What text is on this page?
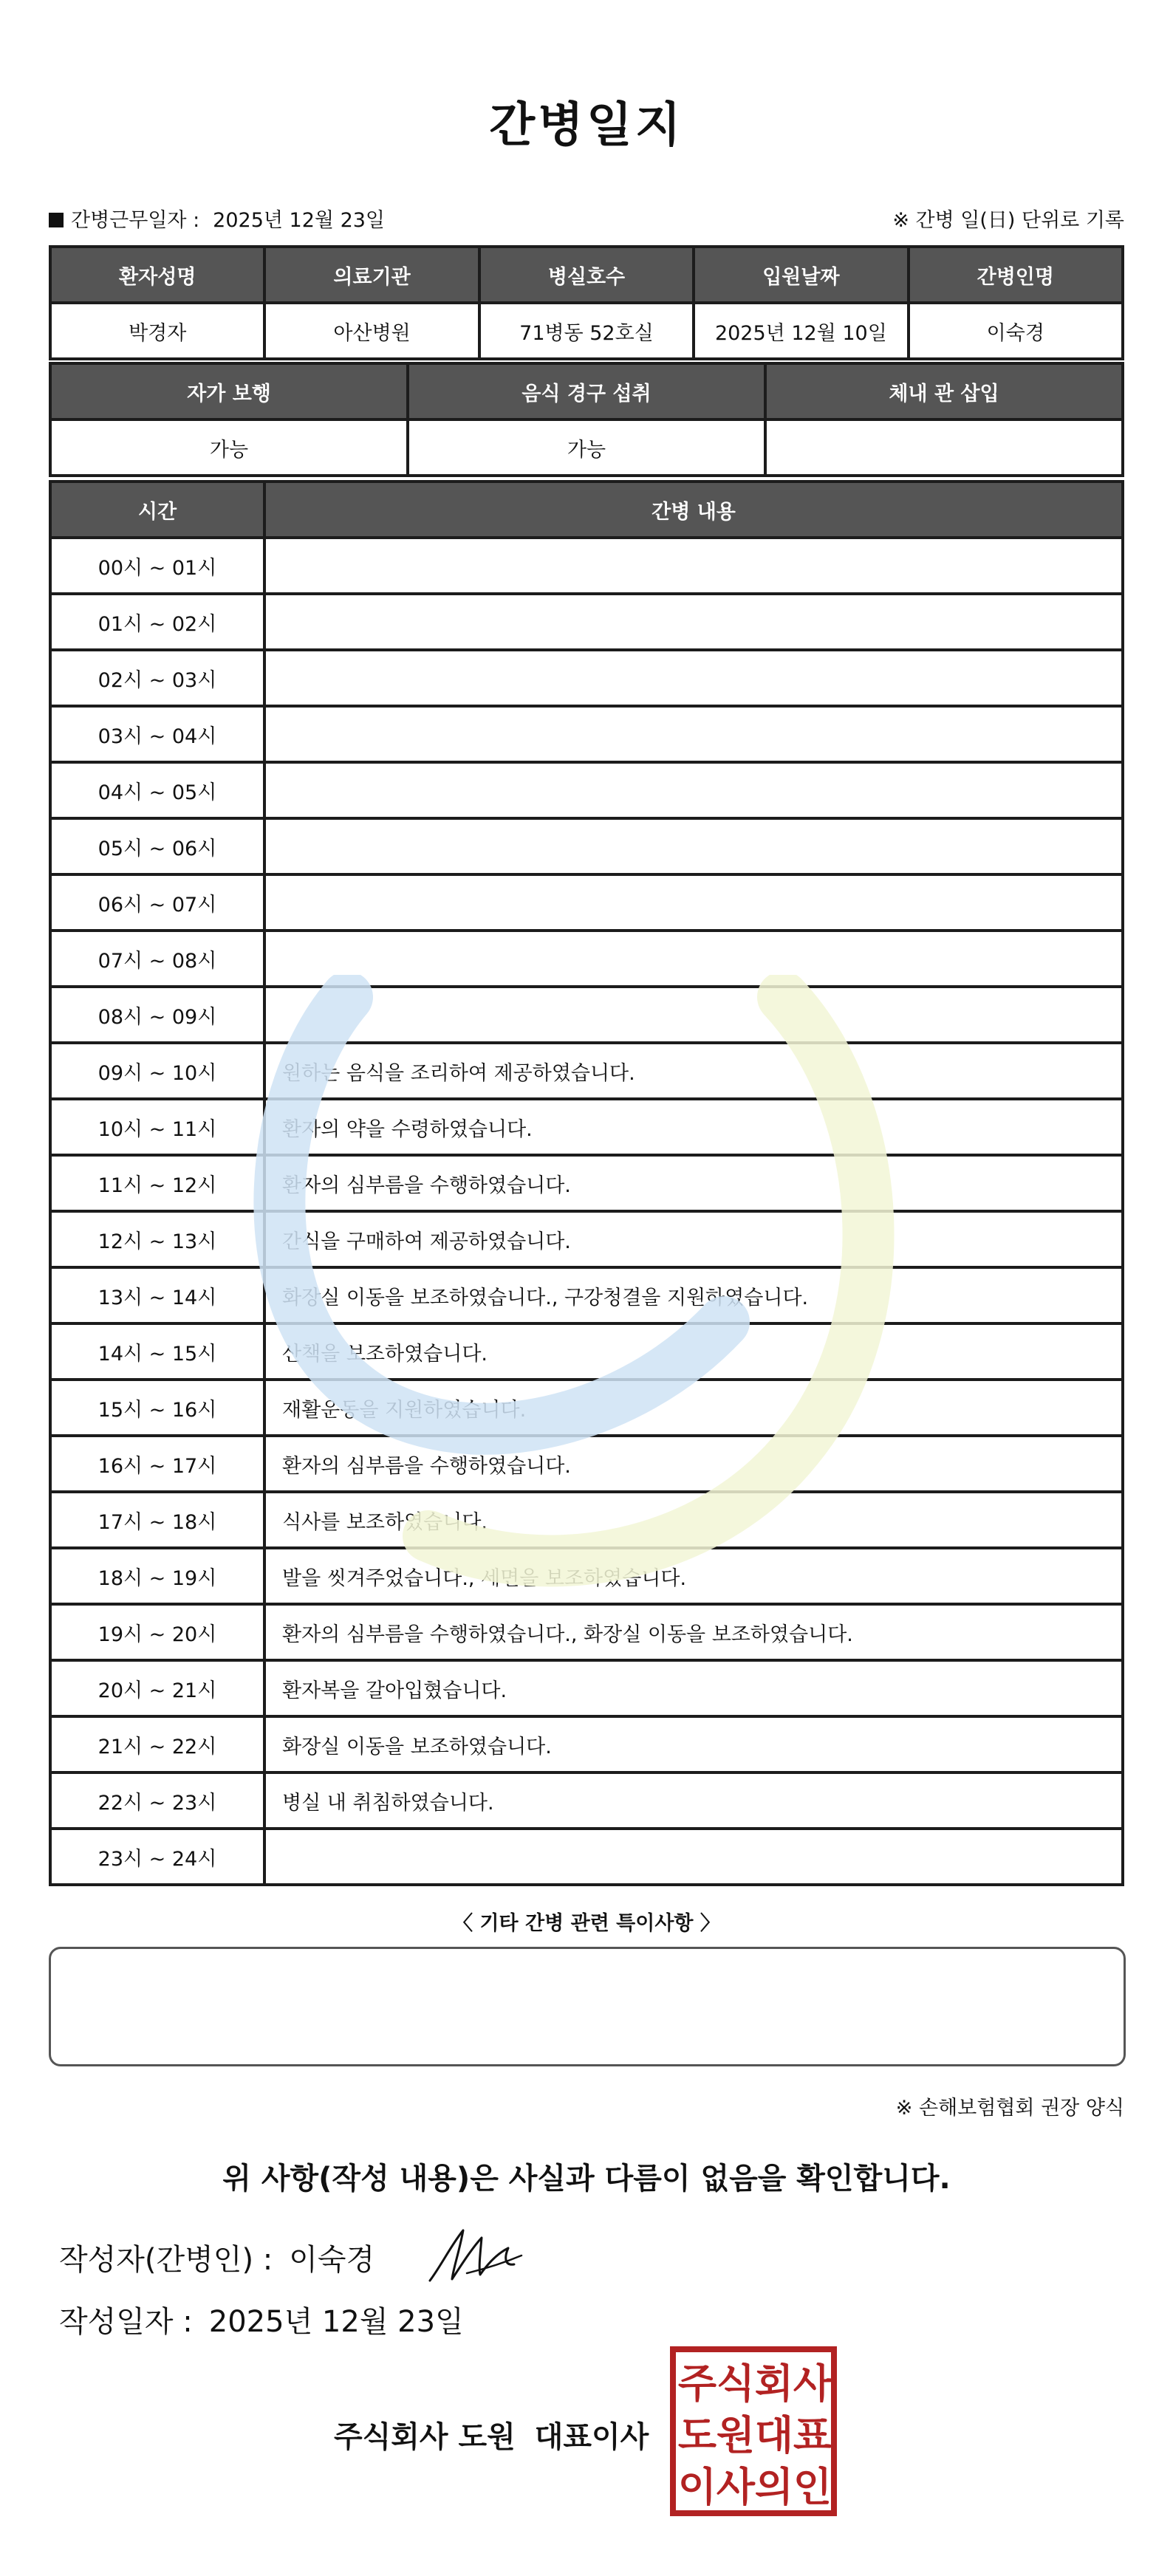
간병일지
간병근무일자 : 2025년 12월 23일	※ 간병 일(日) 단위로 기록
환자성명	의료기관	병실호수	입원날짜	간병인명
박경자	아산병원	71병동 52호실	2025년 12월 10일	이숙경
자가 보행	음식 경구 섭취	체내 관 삽입
가능	가능	
시간	간병 내용
00시 ~ 01시	
01시 ~ 02시	
02시 ~ 03시	
03시 ~ 04시	
04시 ~ 05시	
05시 ~ 06시	
06시 ~ 07시	
07시 ~ 08시	
08시 ~ 09시	
09시 ~ 10시	원하는 음식을 조리하여 제공하였습니다.
10시 ~ 11시	환자의 약을 수령하였습니다.
11시 ~ 12시	환자의 심부름을 수행하였습니다.
12시 ~ 13시	간식을 구매하여 제공하였습니다.
13시 ~ 14시	화장실 이동을 보조하였습니다., 구강청결을 지원하였습니다.
14시 ~ 15시	산책을 보조하였습니다.
15시 ~ 16시	재활운동을 지원하였습니다.
16시 ~ 17시	환자의 심부름을 수행하였습니다.
17시 ~ 18시	식사를 보조하였습니다.
18시 ~ 19시	발을 씻겨주었습니다., 세면을 보조하였습니다.
19시 ~ 20시	환자의 심부름을 수행하였습니다., 화장실 이동을 보조하였습니다.
20시 ~ 21시	환자복을 갈아입혔습니다.
21시 ~ 22시	화장실 이동을 보조하였습니다.
22시 ~ 23시	병실 내 취침하였습니다.
23시 ~ 24시	
〈 기타 간병 관련 특이사항 〉
※ 손해보험협회 권장 양식
위 사항(작성 내용)은 사실과 다름이 없음을 확인합니다.
작성자(간병인) : 이숙경
작성일자 : 2025년 12월 23일
주식회사 도원 대표이사
주 식 회 사
도 원 대 표
이 사 의 인
